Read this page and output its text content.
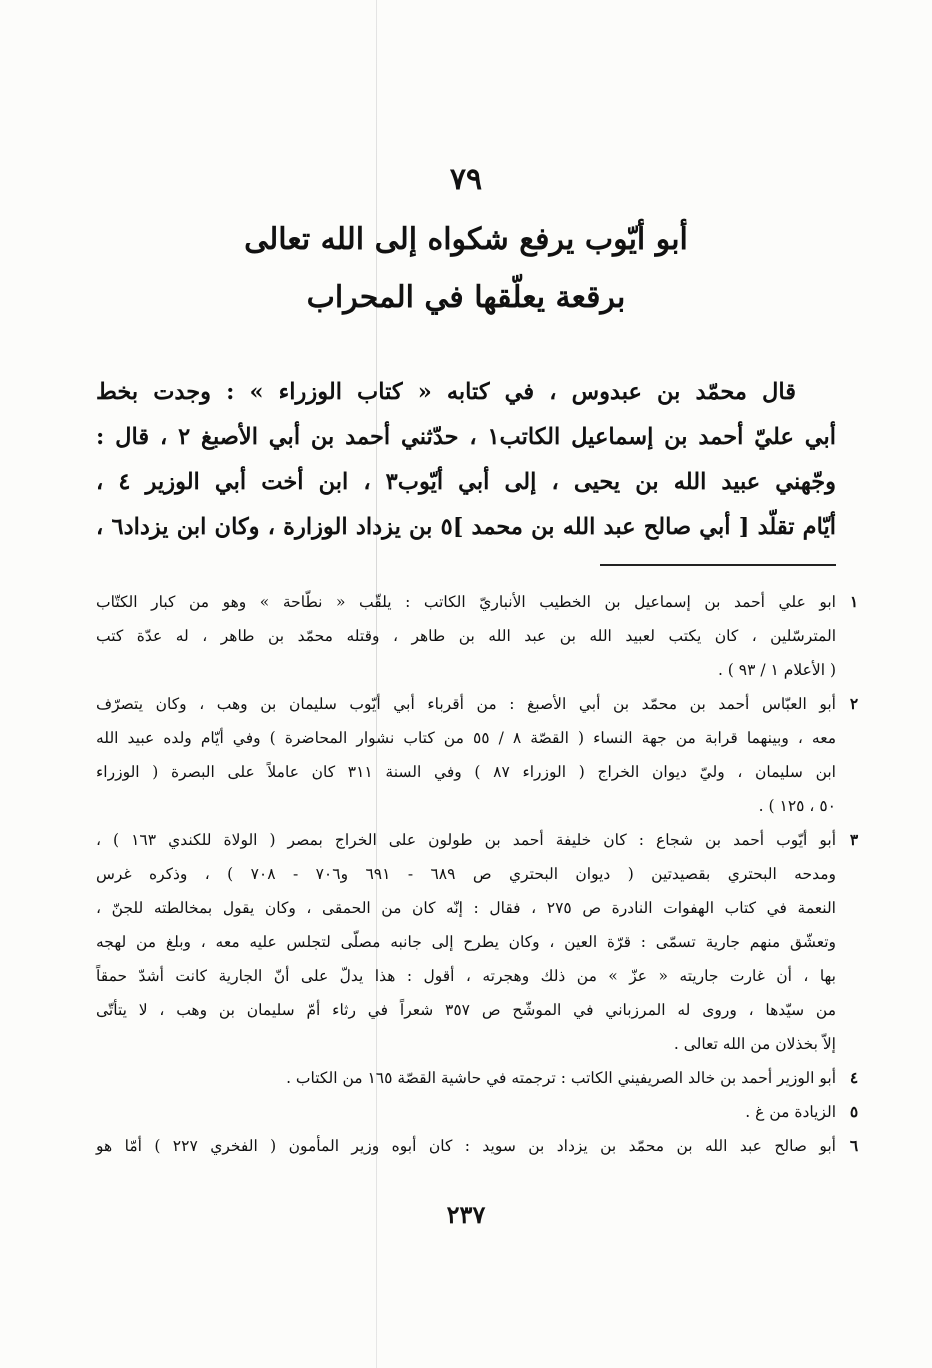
٧٩
أبو أيّوب يرفع شكواه إلى الله تعالى
برقعة يعلّقها في المحراب
قال محمّد بن عبدوس ، في كتابه « كتاب الوزراء » : وجدت بخط
أبي عليّ أحمد بن إسماعيل الكاتب١ ، حدّثني أحمد بن أبي الأصبغ ٢ ، قال :
وجّهني عبيد الله بن يحيى ، إلى أبي أيّوب٣ ، ابن أخت أبي الوزير ٤ ،
أيّام تقلّد [ أبي صالح عبد الله بن محمد ]٥ بن يزداد الوزارة ، وكان ابن يزداد٦ ،
١
ابو علي أحمد بن إسماعيل بن الخطيب الأنباريّ الكاتب : يلقّب « نطّاحة » وهو من كبار الكتّاب
المترسّلين ، كان يكتب لعبيد الله بن عبد الله بن طاهر ، وقتله محمّد بن طاهر ، له عدّة كتب
( الأعلام ١ / ٩٣ ) .
٢
أبو العبّاس أحمد بن محمّد بن أبي الأصبغ : من أقرباء أبي أيّوب سليمان بن وهب ، وكان يتصرّف
معه ، وبينهما قرابة من جهة النساء ( القصّة ٨ / ٥٥ من كتاب نشوار المحاضرة ) وفي أيّام ولده عبيد الله
ابن سليمان ، وليّ ديوان الخراج ( الوزراء ٨٧ ) وفي السنة ٣١١ كان عاملاً على البصرة ( الوزراء
٥٠ ، ١٢٥ ) .
٣
أبو أيّوب أحمد بن شجاع : كان خليفة أحمد بن طولون على الخراج بمصر ( الولاة للكندي ١٦٣ ) ،
ومدحه البحتري بقصيدتين ( ديوان البحتري ص ٦٨٩ - ٦٩١ و٧٠٦ - ٧٠٨ ) ، وذكره غرس
النعمة في كتاب الهفوات النادرة ص ٢٧٥ ، فقال : إنّه كان من الحمقى ، وكان يقول بمخالطته للجنّ ،
وتعشّق منهم جارية تسمّى : قرّة العين ، وكان يطرح إلى جانبه مصلّى لتجلس عليه معه ، وبلغ من لهجه
بها ، أن غارت جاريته « عزّ » من ذلك وهجرته ، أقول : هذا يدلّ على أنّ الجارية كانت أشدّ حمقاً
من سيّدها ، وروى له المرزباني في الموشّح ص ٣٥٧ شعراً في رثاء أمّ سليمان بن وهب ، لا يتأتّى
إلاّ بخذلان من الله تعالى .
٤
أبو الوزير أحمد بن خالد الصريفيني الكاتب : ترجمته في حاشية القصّة ١٦٥ من الكتاب .
٥
الزيادة من غ .
٦
أبو صالح عبد الله بن محمّد بن يزداد بن سويد : كان أبوه وزير المأمون ( الفخري ٢٢٧ ) أمّا هو
٢٣٧
